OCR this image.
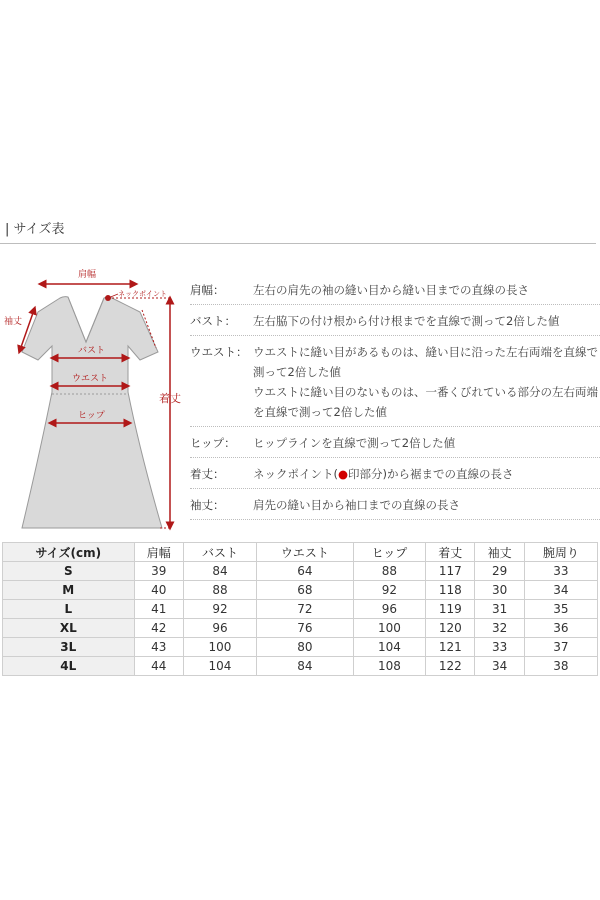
| サイズ表
肩幅
ネックポイント
袖丈
バスト
ウエスト
ヒップ
着丈
肩幅：	左右の肩先の袖の縫い目から縫い目までの直線の長さ
バスト：	左右脇下の付け根から付け根までを直線で測って2倍した値
ウエスト： ウエストに縫い目があるものは、縫い目に沿った左右両端を直線で
測って2倍した値
ウエストに縫い目のないものは、一番くびれている部分の左右両端
を直線で測って2倍した値
ヒップ：	ヒップラインを直線で測って2倍した値
着丈：	ネックポイント(●印部分)から裾までの直線の長さ
袖丈：	肩先の縫い目から袖口までの直線の長さ
サイズ(cm)	肩幅	バスト	ウエスト	ヒップ	着丈	袖丈	腕周り
S	39	84	64	88	117	29	33
M	40	88	68	92	118	30	34
L	41	92	72	96	119	31	35
XL	42	96	76	100	120	32	36
3L	43	100	80	104	121	33	37
4L	44	104	84	108	122	34	38
